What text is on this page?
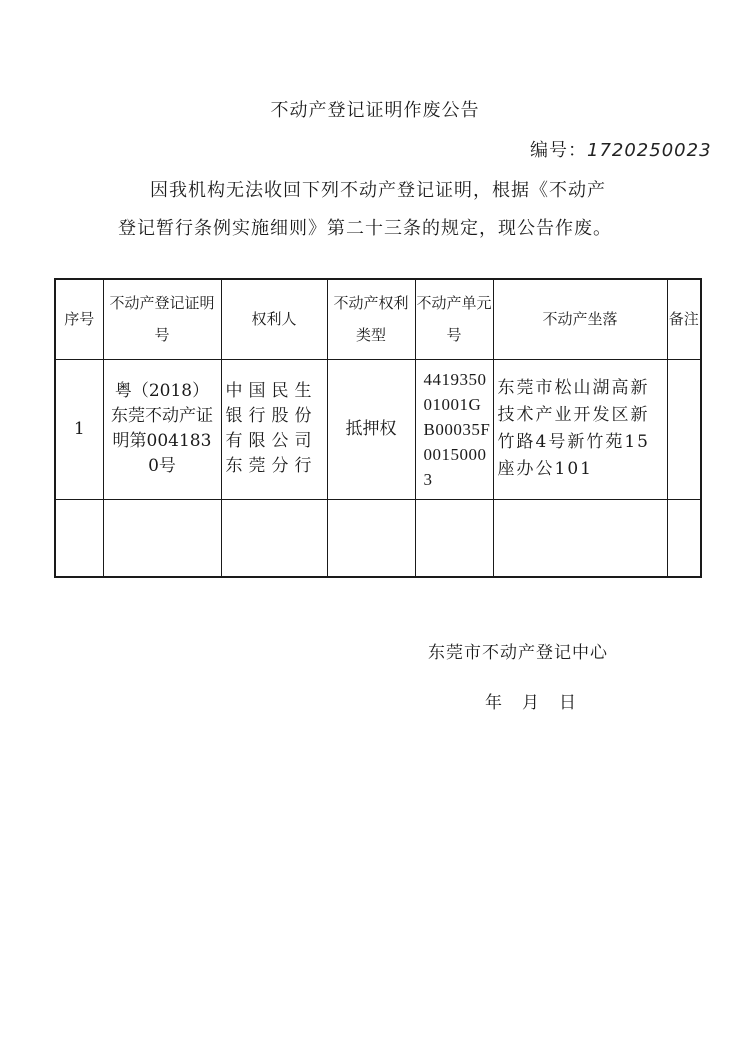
不动产登记证明作废公告
编号：1720250023
因我机构无法收回下列不动产登记证明，根据《不动产
登记暂行条例实施细则》第二十三条的规定，现公告作废。
序号	不动产登记证明号	权利人	不动产权利类型	不动产单元号	不动产坐落	备注

1	粤（2018）东莞不动产证明第0041830号	中国民生银行股份有限公司东莞分行	抵押权	441935001001GB00035F00150003	东莞市松山湖高新技术产业开发区新竹路4号新竹苑15座办公101	

东莞市不动产登记中心
年 月 日
